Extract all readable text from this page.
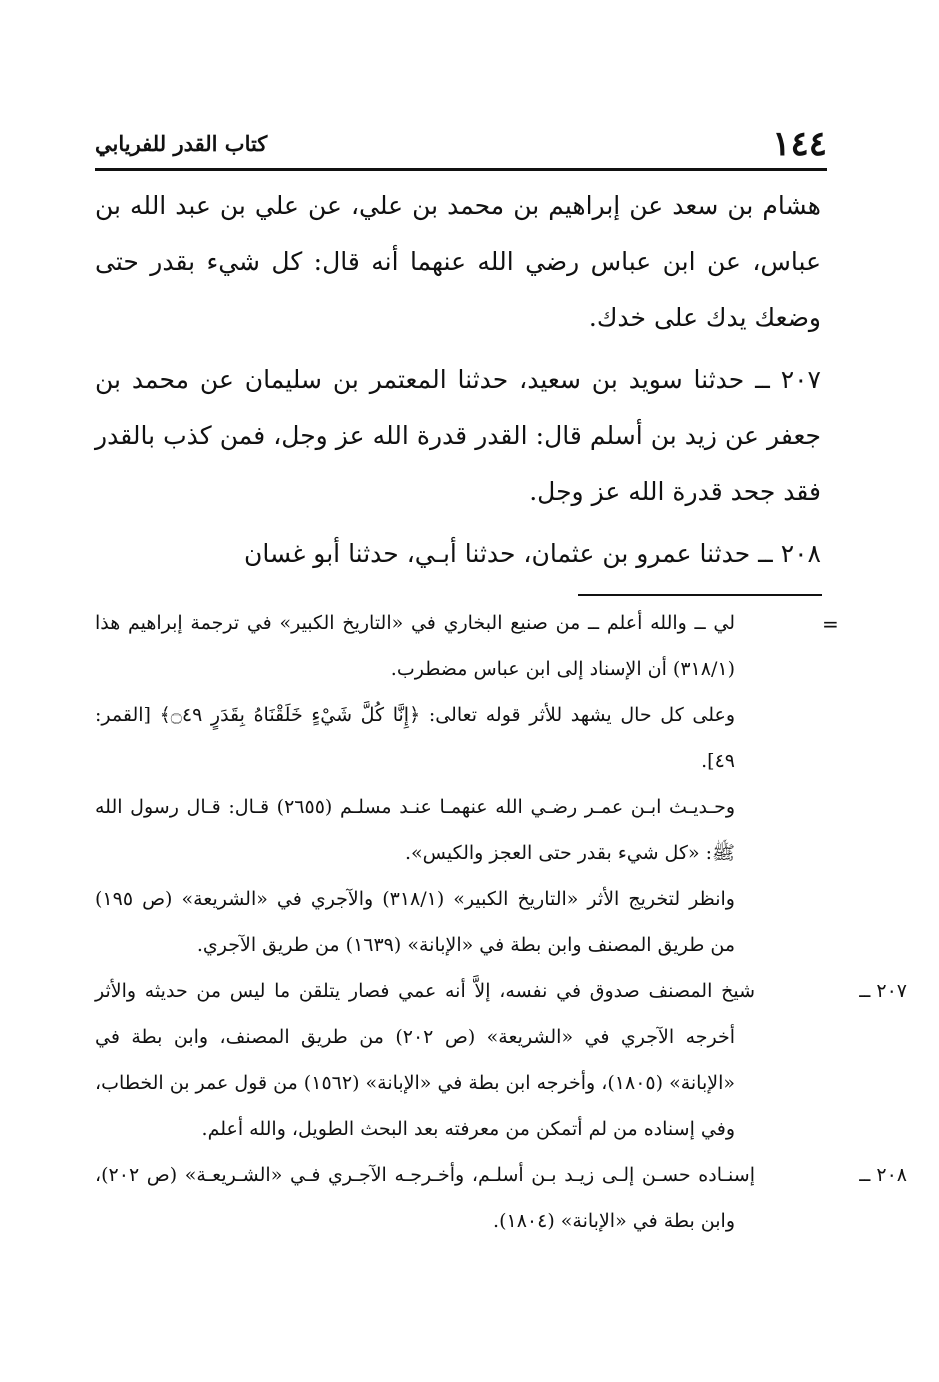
١٤٤
كتاب القدر للفريابي

هشام بن سعد عن إبراهيم بن محمد بن علي، عن علي بن عبد الله بن عباس، عن ابن عباس رضي الله عنهما أنه قال: كل شيء بقدر حتى وضعك يدك على خدك.

٢٠٧ ــ حدثنا سويد بن سعيد، حدثنا المعتمر بن سليمان عن محمد بن جعفر عن زيد بن أسلم قال: القدر قدرة الله عز وجل، فمن كذب بالقدر فقد جحد قدرة الله عز وجل.

٢٠٨ ــ حدثنا عمرو بن عثمان، حدثنا أبـي، حدثنا أبو غسان

=

لي ــ والله أعلم ــ من صنيع البخاري في «التاريخ الكبير» في ترجمة إبراهيم هذا (٣١٨/١) أن الإسناد إلى ابن عباس مضطرب.

وعلى كل حال يشهد للأثر قوله تعالى: ﴿إِنَّا كُلَّ شَيْءٍ خَلَقْنَاهُ بِقَدَرٍ ۝٤٩﴾ [القمر: ٤٩].

وحـديـث ابـن عمـر رضـي الله عنهمـا عنـد مسلـم (٢٦٥٥) قـال: قـال رسول الله ﷺ: «كل شيء بقدر حتى العجز والكيس».

وانظر لتخريج الأثر «التاريخ الكبير» (٣١٨/١) والآجري في «الشريعة» (ص ١٩٥) من طريق المصنف وابن بطة في «الإبانة» (١٦٣٩) من طريق الآجري.

٢٠٧ ــشيخ المصنف صدوق في نفسه، إلاَّ أنه عمي فصار يتلقن ما ليس من حديثه والأثر أخرجه الآجري في «الشريعة» (ص ٢٠٢) من طريق المصنف، وابن بطة في «الإبانة» (١٨٠٥)، وأخرجه ابن بطة في «الإبانة» (١٥٦٢) من قول عمر بن الخطاب، وفي إسناده من لم أتمكن من معرفته بعد البحث الطويل، والله أعلم.

٢٠٨ ــإسنـاده حسـن إلـى زيـد بـن أسلـم، وأخـرجـه الآجـري فـي «الشـريعـة» (ص ٢٠٢)، وابن بطة في «الإبانة» (١٨٠٤).
